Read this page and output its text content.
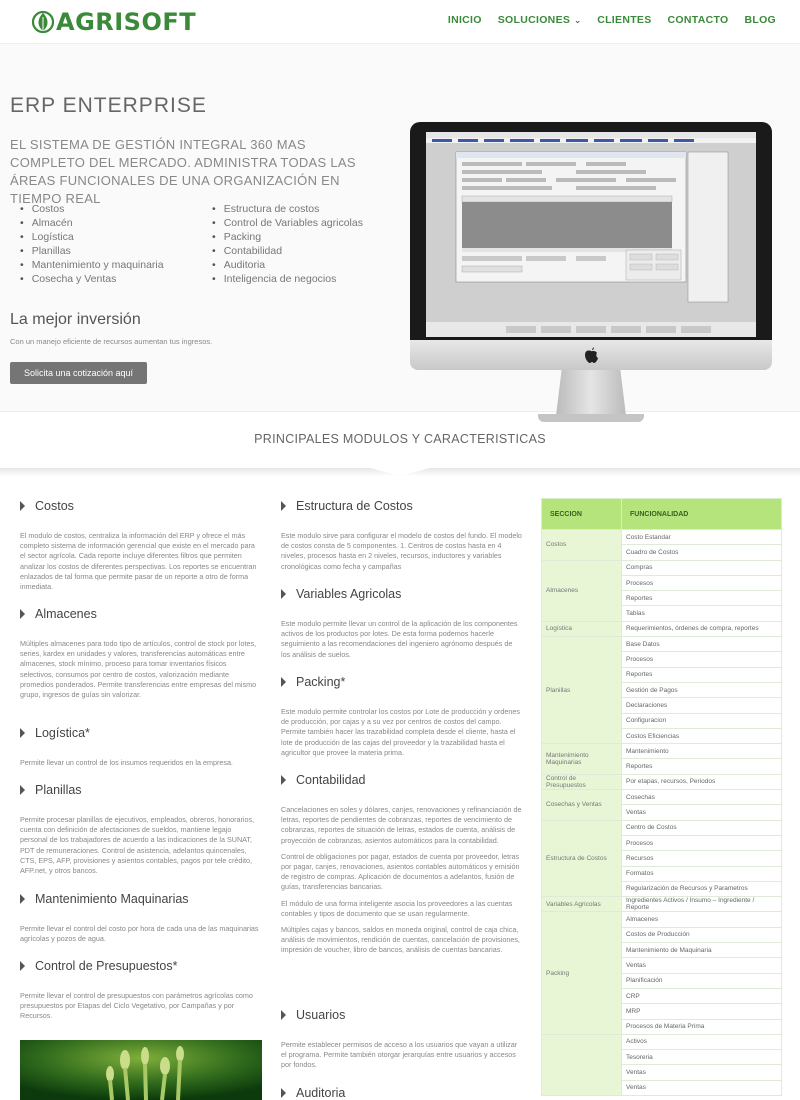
AGRISOFT	INICIO SOLUCIONES ⌄ CLIENTES CONTACTO BLOG
ERP ENTERPRISE
EL SISTEMA DE GESTIÓN INTEGRAL 360 MAS COMPLETO DEL MERCADO. ADMINISTRA TODAS LAS ÁREAS FUNCIONALES DE UNA ORGANIZACIÓN EN TIEMPO REAL
• Costos
• Almacén
• Logística
• Planillas
• Mantenimiento y maquinaria
• Cosecha y Ventas
• Estructura de costos
• Control de Variables agricolas
• Packing
• Contabilidad
• Auditoria
• Inteligencia de negocios
La mejor inversión
Con un manejo eficiente de recursos aumentan tus ingresos.
Solicita una cotización aquí
PRINCIPALES MODULOS Y CARACTERISTICAS
Costos

El modulo de costos, centraliza la información del ERP y ofrece el más completo sistema de información gerencial que existe en el mercado para el sector agrícola. Cada reporte incluye diferentes filtros que permiten analizar los costos de diferentes perspectivas. Los reportes se encuentran enlazados de tal forma que permite pasar de un reporte a otro de forma inmediata.

Almacenes

Múltiples almacenes para todo tipo de artículos, control de stock por lotes, series, kardex en unidades y valores, transferencias automáticas entre almacenes, stock mínimo, proceso para tomar inventarios físicos selectivos, consumos por centro de costos, valorización mediante promedios ponderados. Permite transferencias entre empresas del mismo grupo, ingresos de guías sin valorizar.

Logística*

Permite llevar un control de los insumos requeridos en la empresa.

Planillas

Permite procesar planillas de ejecutivos, empleados, obreros, honorarios, cuenta con definición de afectaciones de sueldos, mantiene legajo personal de los trabajadores de acuerdo a las indicaciones de la SUNAT, PDT de remuneraciones. Control de asistencia, adelantos quincenales, CTS, EPS, AFP, provisiones y asientos contables, pagos por tele crédito, AFP.net, y otros bancos.

Mantenimiento Maquinarias

Permite llevar el control del costo por hora de cada una de las maquinarias agrícolas y pozos de agua.

Control de Presupuestos*

Permite llevar el control de presupuestos con parámetros agrícolas como presupuestos por Etapas del Ciclo Vegetativo, por Campañas y por Recursos.

Estructura de Costos

Este modulo sirve para configurar el modelo de costos del fundo. El modelo de costos consta de 5 componentes. 1. Centros de costos hasta en 4 niveles, procesos hasta en 2 niveles, recursos, inductores y variables cronológicas como fecha y campañas

Variables Agricolas

Este modulo permite llevar un control de la aplicación de los componentes activos de los productos por lotes. De esta forma podemos hacerle seguimiento a las recomendaciones del ingeniero agrónomo después de los análisis de suelos.

Packing*

Este modulo permite controlar los costos por Lote de producción y ordenes de producción, por cajas y a su vez por centros de costos del campo. Permite también hacer las trazabilidad completa desde el cliente, hasta el lote de producción de las cajas del proveedor y la trazabilidad hasta el agricultor que provee la materia prima.

Contabilidad

Cancelaciones en soles y dólares, canjes, renovaciones y refinanciación de letras, reportes de pendientes de cobranzas, reportes de vencimiento de cobranzas, reportes de situación de letras, estados de cuenta, análisis de proyección de cobranzas, asientos automáticos para la contabilidad.

Control de obligaciones por pagar, estados de cuenta por proveedor, letras por pagar, canjes, renovaciones, asientos contables automáticos y emisión de registro de compras. Aplicación de documentos a adelantos, fusión de guías, transferencias bancarias.

El módulo de una forma inteligente asocia los proveedores a las cuentas contables y tipos de documento que se usan regularmente.

Múltiples cajas y bancos, saldos en moneda original, control de caja chica, análisis de movimientos, rendición de cuentas, cancelación de provisiones, impresión de voucher, libro de bancos, análisis de cuentas bancarias.

Usuarios

Permite establecer permisos de acceso a los usuarios que vayan a utilizar el programa. Permite también otorgar jerarquías entre usuarios y accesos por fondos.

Auditoria
SECCION	FUNCIONALIDAD
Costos	Costo Estandar
	Cuadro de Costos
Almacenes	Compras
	Procesos
	Reportes
	Tablas
Logística	Requerimientos, órdenes de compra, reportes
Planillas	Base Datos
	Procesos
	Reportes
	Gestión de Pagos
	Declaraciones
	Configuracion
	Costos Eficiencias
Mantenimiento Maquinarias	Mantenimiento
	Reportes
Control de Presupuestos	Por etapas, recursos, Periodos
Cosechas y Ventas	Cosechas
	Ventas
Estructura de Costos	Centro de Costos
	Procesos
	Recursos
	Formatos
	Regularización de Recursos y Parametros
Variables Agricolas	Ingredientes Activos / Insumo – Ingrediente / Reporte
Packing	Almacenes
	Costos de Producción
	Mantenimiento de Maquinaria
	Ventas
	Planificación
	CRP
	MRP
	Procesos de Materia Prima
	Activos
	Tesoreria
	Ventas
	Ventas
